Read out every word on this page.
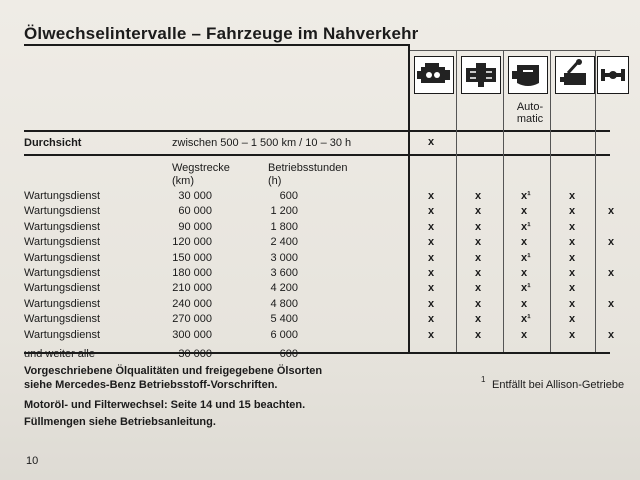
Ölwechselintervalle – Fahrzeuge im Nahverkehr
Auto-matic
Durchsicht	zwischen 500 – 1 500 km / 10 – 30 h	x
Wegstrecke
(km)
Betriebsstunden
(h)
Wartungsdienst	30 000	600	x	x	x¹	x
Wartungsdienst	60 000	1 200	x	x	x	x	x
Wartungsdienst	90 000	1 800	x	x	x¹	x
Wartungsdienst	120 000	2 400	x	x	x	x	x
Wartungsdienst	150 000	3 000	x	x	x¹	x
Wartungsdienst	180 000	3 600	x	x	x	x	x
Wartungsdienst	210 000	4 200	x	x	x¹	x
Wartungsdienst	240 000	4 800	x	x	x	x	x
Wartungsdienst	270 000	5 400	x	x	x¹	x
Wartungsdienst	300 000	6 000	x	x	x	x	x
und weiter alle	30 000	600
Vorgeschriebene Ölqualitäten und freigegebene Ölsorten
siehe Mercedes-Benz Betriebsstoff-Vorschriften.
Motoröl- und Filterwechsel: Seite 14 und 15 beachten.
Füllmengen siehe Betriebsanleitung.
1 Entfällt bei Allison-Getriebe
10
